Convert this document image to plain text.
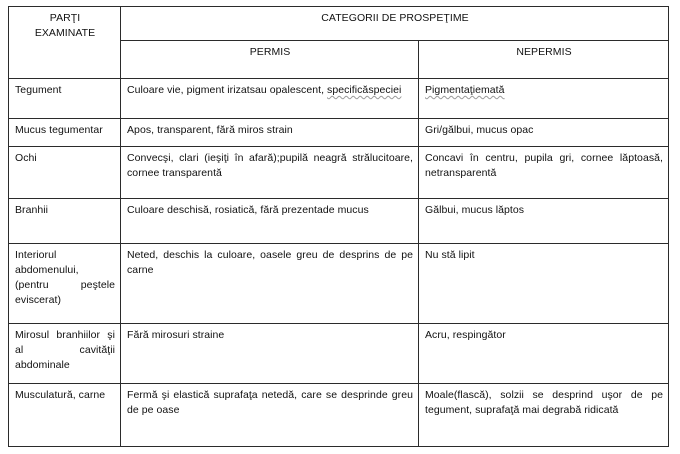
PARŢI
EXAMINATE	CATEGORII DE PROSPEŢIME	
	PERMIS	NEPERMIS
Tegument	Culoare vie, pigment irizatsau opalescent, specificăspeciei	Pigmentaţiemată
Mucus tegumentar	Apos, transparent, fără miros strain	Gri/gălbui, mucus opac
Ochi	Convecşi, clari (ieşiţi în afară);pupilă neagră strălucitoare, cornee transparentă	Concavi în centru, pupila gri, cornee lăptoasă, netransparentă
Branhii	Culoare deschisă, rosiatică, fără prezentade mucus	Gălbui, mucus lăptos
Interiorul abdomenului, (pentru peştele eviscerat)	Neted, deschis la culoare, oasele greu de desprins de pe carne	Nu stă lipit
Mirosul branhiilor şi al cavităţii abdominale	Fără mirosuri straine	Acru, respingător
Musculatură, carne	Fermă şi elastică suprafaţa netedă, care se desprinde greu de pe oase	Moale(flască), solzii se desprind uşor de pe tegument, suprafaţă mai degrabă ridicată
